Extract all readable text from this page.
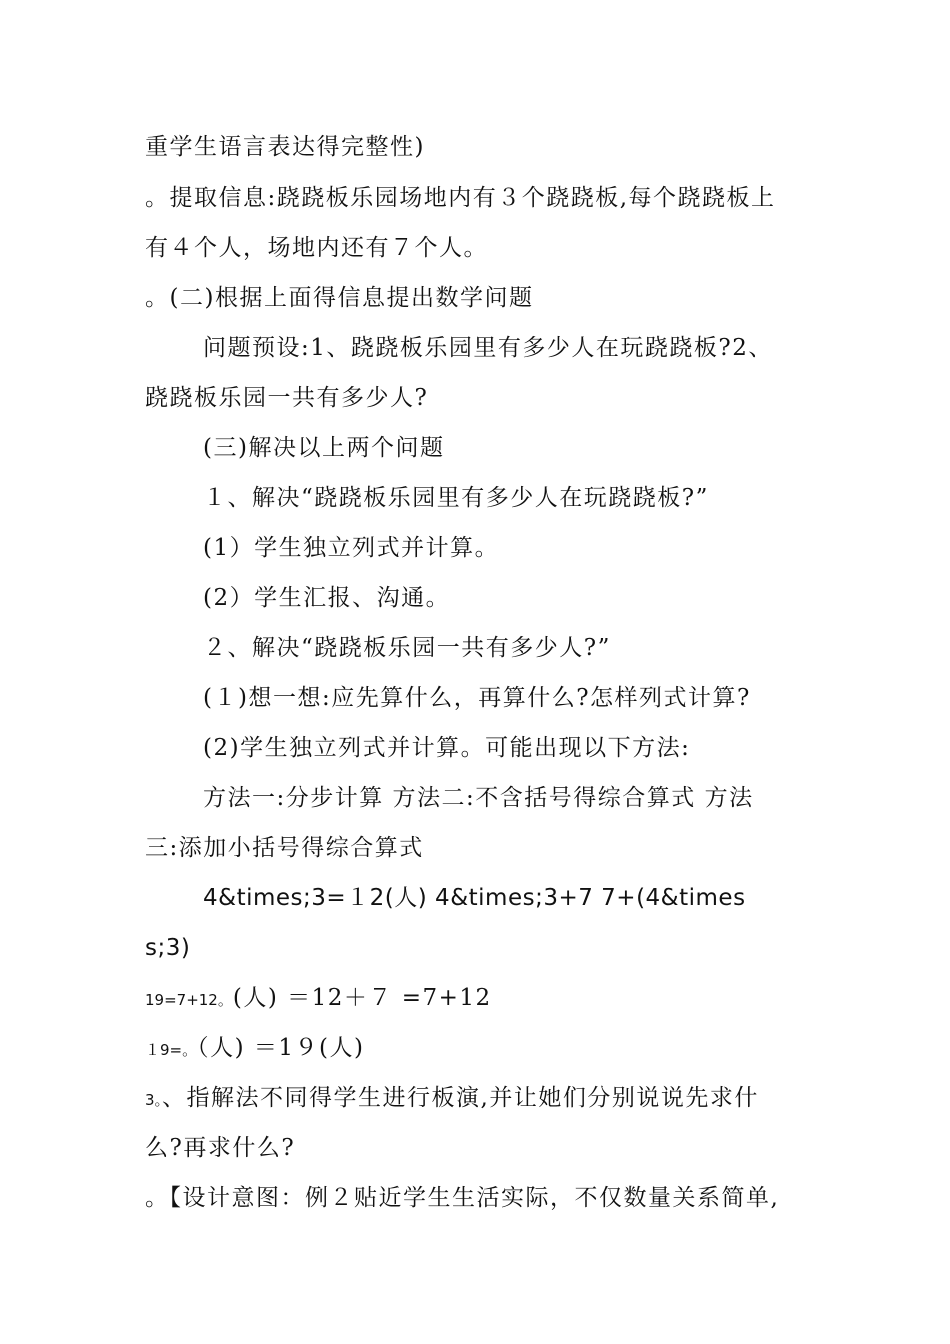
重学生语言表达得完整性)
。提取信息:跷跷板乐园场地内有３个跷跷板,每个跷跷板上
有４个人，场地内还有７个人。
。(二)根据上面得信息提出数学问题
问题预设:1、跷跷板乐园里有多少人在玩跷跷板?2、
跷跷板乐园一共有多少人?
(三)解决以上两个问题
１、解决“跷跷板乐园里有多少人在玩跷跷板?”
(1）学生独立列式并计算。
(2）学生汇报、沟通。
２、解决“跷跷板乐园一共有多少人?”
(１)想一想:应先算什么，再算什么?怎样列式计算?
(2)学生独立列式并计算。可能出现以下方法:
方法一:分步计算 方法二:不含括号得综合算式 方法
三:添加小括号得综合算式
4&times;3=１2(人) 4&times;3+7 7+(4&times
s;3)
19=7+12。(人) ＝12＋７ =7+12
１9=。（人) ＝1９(人)
3。、指解法不同得学生进行板演,并让她们分别说说先求什
么?再求什么?
。【设计意图：例２贴近学生生活实际，不仅数量关系简单,
